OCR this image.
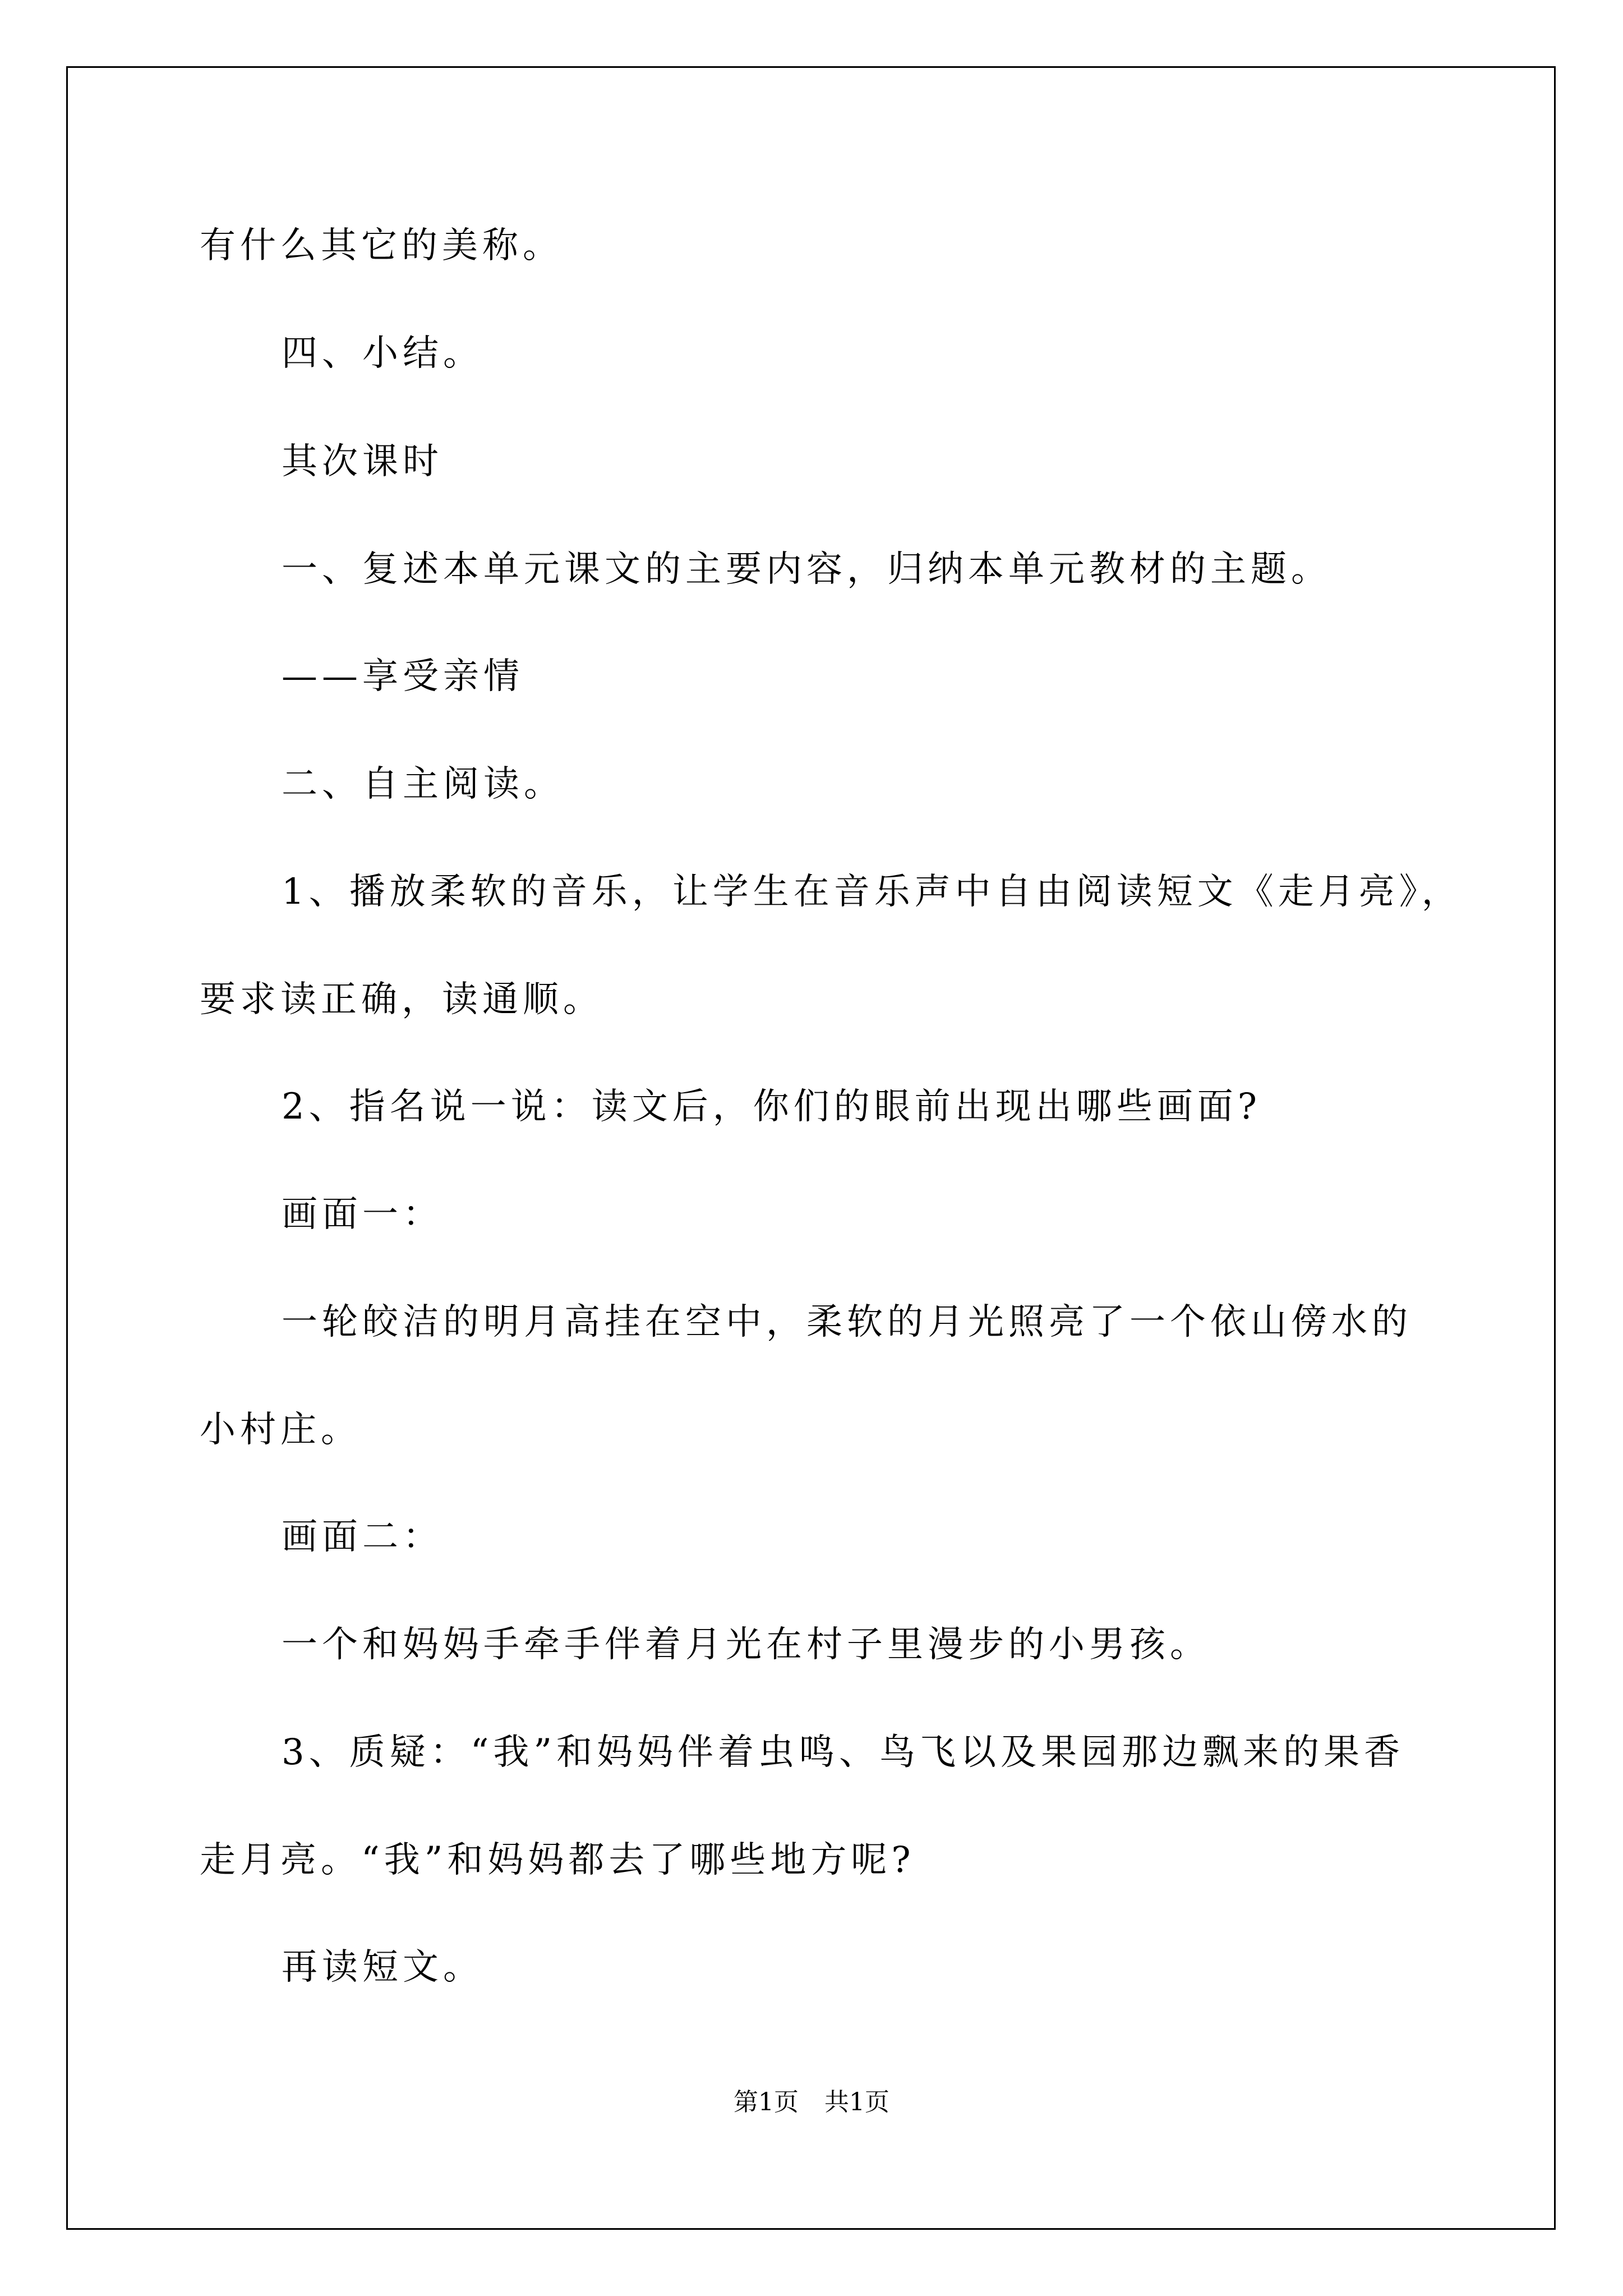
有什么其它的美称。
四、小结。
其次课时
一、复述本单元课文的主要内容，归纳本单元教材的主题。
——享受亲情
二、自主阅读。
1、播放柔软的音乐，让学生在音乐声中自由阅读短文《走月亮》，
要求读正确，读通顺。
2、指名说一说：读文后，你们的眼前出现出哪些画面?
画面一：
一轮皎洁的明月高挂在空中，柔软的月光照亮了一个依山傍水的
小村庄。
画面二：
一个和妈妈手牵手伴着月光在村子里漫步的小男孩。
3、质疑：“我”和妈妈伴着虫鸣、鸟飞以及果园那边飘来的果香
走月亮。“我”和妈妈都去了哪些地方呢?
再读短文。
第1页 共1页
